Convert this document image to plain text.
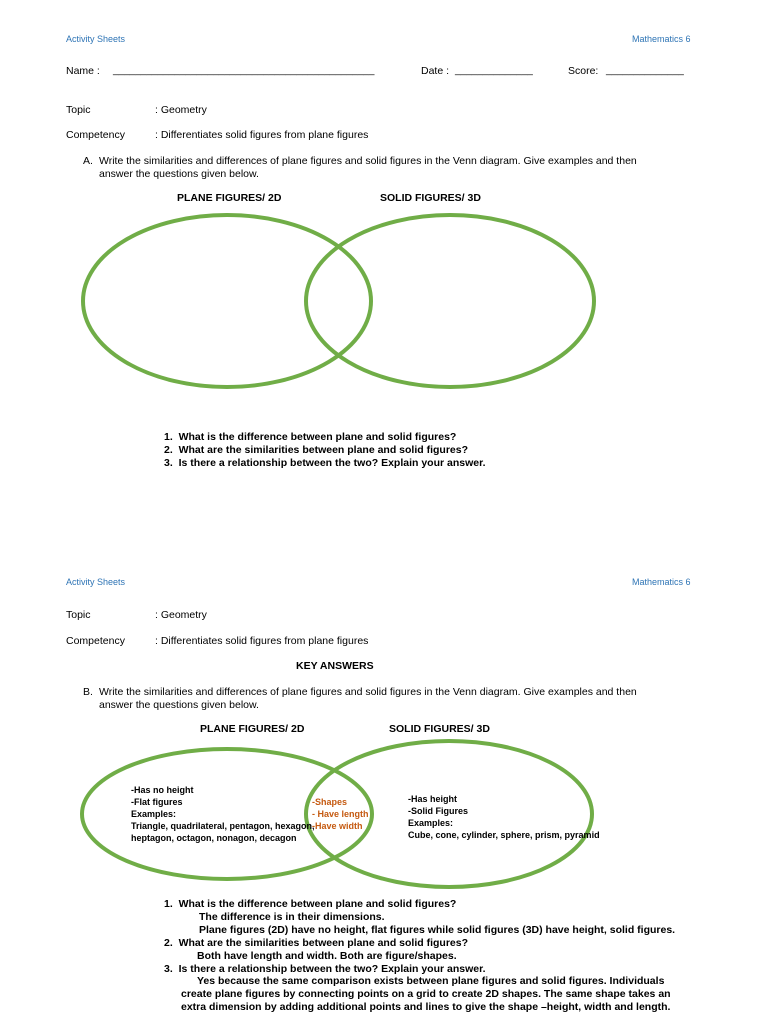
Activity Sheets	Mathematics 6
Name : _______________________________________________	Date : ______________	Score: ______________
Topic	: Geometry
Competency	: Differentiates solid figures from plane figures
A. Write the similarities and differences of plane figures and solid figures in the Venn diagram. Give examples and then
answer the questions given below.
PLANE FIGURES/ 2D	SOLID FIGURES/ 3D
1. What is the difference between plane and solid figures?
2. What are the similarities between plane and solid figures?
3. Is there a relationship between the two? Explain your answer.
Activity Sheets	Mathematics 6
Topic	: Geometry
Competency	: Differentiates solid figures from plane figures
KEY ANSWERS
B. Write the similarities and differences of plane figures and solid figures in the Venn diagram. Give examples and then
answer the questions given below.
PLANE FIGURES/ 2D	SOLID FIGURES/ 3D
-Has no height
-Flat figures
Examples:
Triangle, quadrilateral, pentagon, hexagon,
heptagon, octagon, nonagon, decagon
-Shapes
- Have length
-Have width
-Has height
-Solid Figures
Examples:
Cube, cone, cylinder, sphere, prism, pyramid
1. What is the difference between plane and solid figures?
The difference is in their dimensions.
Plane figures (2D) have no height, flat figures while solid figures (3D) have height, solid figures.
2. What are the similarities between plane and solid figures?
Both have length and width. Both are figure/shapes.
3. Is there a relationship between the two? Explain your answer.
Yes because the same comparison exists between plane figures and solid figures. Individuals
create plane figures by connecting points on a grid to create 2D shapes. The same shape takes an
extra dimension by adding additional points and lines to give the shape –height, width and length.
